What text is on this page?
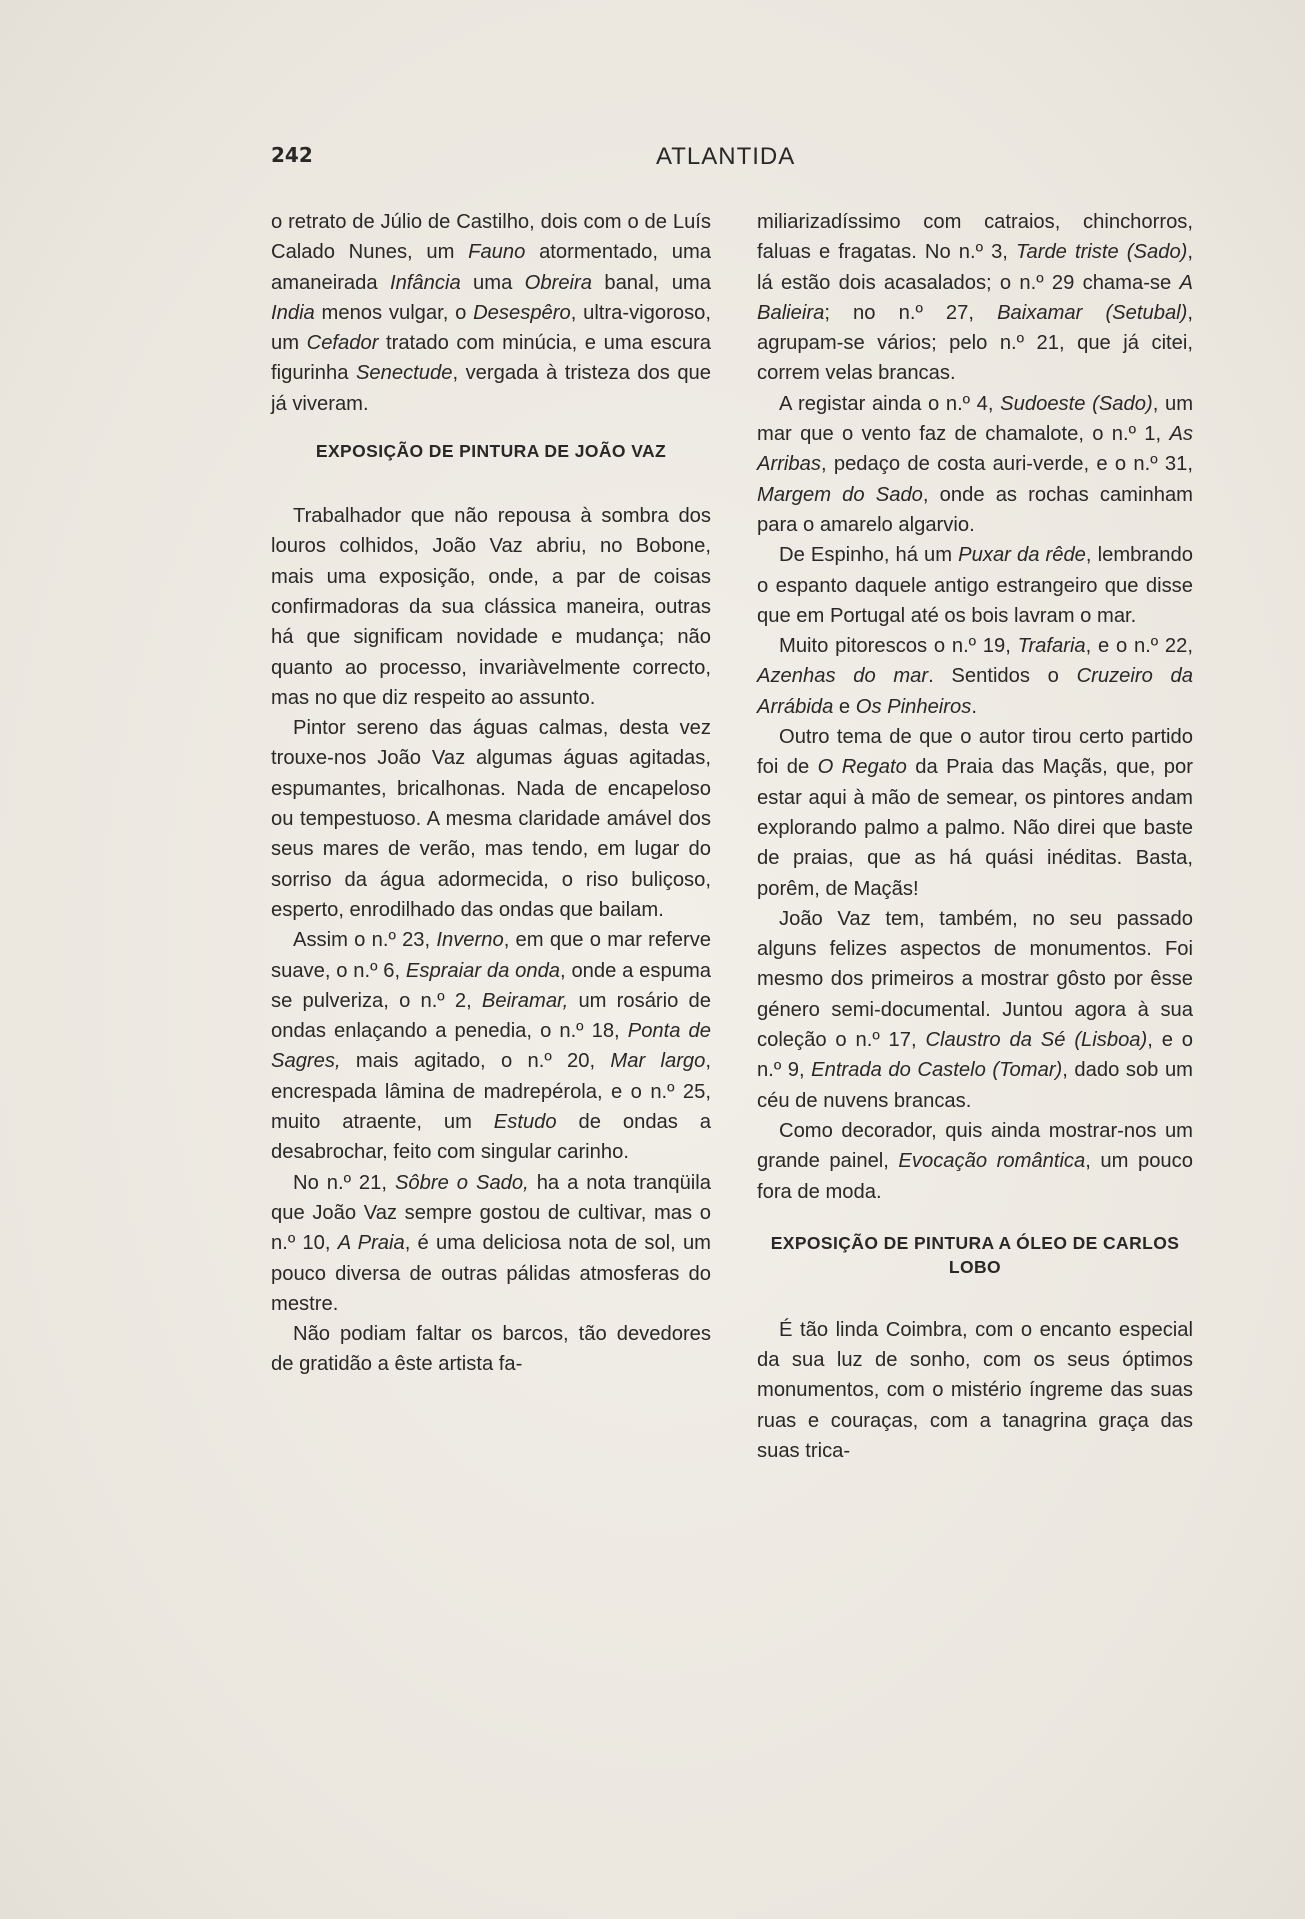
242	ATLANTIDA

o retrato de Júlio de Castilho, dois com o de Luís Calado Nunes, um Fauno atormentado, uma amaneirada Infância uma Obreira banal, uma India menos vulgar, o Desespêro, ultra-vigoroso, um Cefador tratado com minúcia, e uma escura figurinha Senectude, vergada à tristeza dos que já viveram.

EXPOSIÇÃO DE PINTURA DE JOÃO VAZ

Trabalhador que não repousa à sombra dos louros colhidos, João Vaz abriu, no Bobone, mais uma exposição, onde, a par de coisas confirmadoras da sua clássica maneira, outras há que significam novidade e mudança; não quanto ao processo, invariàvelmente correcto, mas no que diz respeito ao assunto.

Pintor sereno das águas calmas, desta vez trouxe-nos João Vaz algumas águas agitadas, espumantes, bricalhonas. Nada de encapeloso ou tempestuoso. A mesma claridade amável dos seus mares de verão, mas tendo, em lugar do sorriso da água adormecida, o riso buliçoso, esperto, enrodilhado das ondas que bailam.

Assim o n.º 23, Inverno, em que o mar referve suave, o n.º 6, Espraiar da onda, onde a espuma se pulveriza, o n.º 2, Beiramar, um rosário de ondas enlaçando a penedia, o n.º 18, Ponta de Sagres, mais agitado, o n.º 20, Mar largo, encrespada lâmina de madrepérola, e o n.º 25, muito atraente, um Estudo de ondas a desabrochar, feito com singular carinho.

No n.º 21, Sôbre o Sado, ha a nota tranqüila que João Vaz sempre gostou de cultivar, mas o n.º 10, A Praia, é uma deliciosa nota de sol, um pouco diversa de outras pálidas atmosferas do mestre.

Não podiam faltar os barcos, tão devedores de gratidão a êste artista fa-

miliarizadíssimo com catraios, chinchorros, faluas e fragatas. No n.º 3, Tarde triste (Sado), lá estão dois acasalados; o n.º 29 chama-se A Balieira; no n.º 27, Baixamar (Setubal), agrupam-se vários; pelo n.º 21, que já citei, correm velas brancas.

A registar ainda o n.º 4, Sudoeste (Sado), um mar que o vento faz de chamalote, o n.º 1, As Arribas, pedaço de costa auri-verde, e o n.º 31, Margem do Sado, onde as rochas caminham para o amarelo algarvio.

De Espinho, há um Puxar da rêde, lembrando o espanto daquele antigo estrangeiro que disse que em Portugal até os bois lavram o mar.

Muito pitorescos o n.º 19, Trafaria, e o n.º 22, Azenhas do mar. Sentidos o Cruzeiro da Arrábida e Os Pinheiros.

Outro tema de que o autor tirou certo partido foi de O Regato da Praia das Maçãs, que, por estar aqui à mão de semear, os pintores andam explorando palmo a palmo. Não direi que baste de praias, que as há quási inéditas. Basta, porêm, de Maçãs!

João Vaz tem, também, no seu passado alguns felizes aspectos de monumentos. Foi mesmo dos primeiros a mostrar gôsto por êsse género semi-documental. Juntou agora à sua coleção o n.º 17, Claustro da Sé (Lisboa), e o n.º 9, Entrada do Castelo (Tomar), dado sob um céu de nuvens brancas.

Como decorador, quis ainda mostrar-nos um grande painel, Evocação romântica, um pouco fora de moda.

EXPOSIÇÃO DE PINTURA A ÓLEO DE CARLOS LOBO

É tão linda Coimbra, com o encanto especial da sua luz de sonho, com os seus óptimos monumentos, com o mistério íngreme das suas ruas e couraças, com a tanagrina graça das suas trica-
